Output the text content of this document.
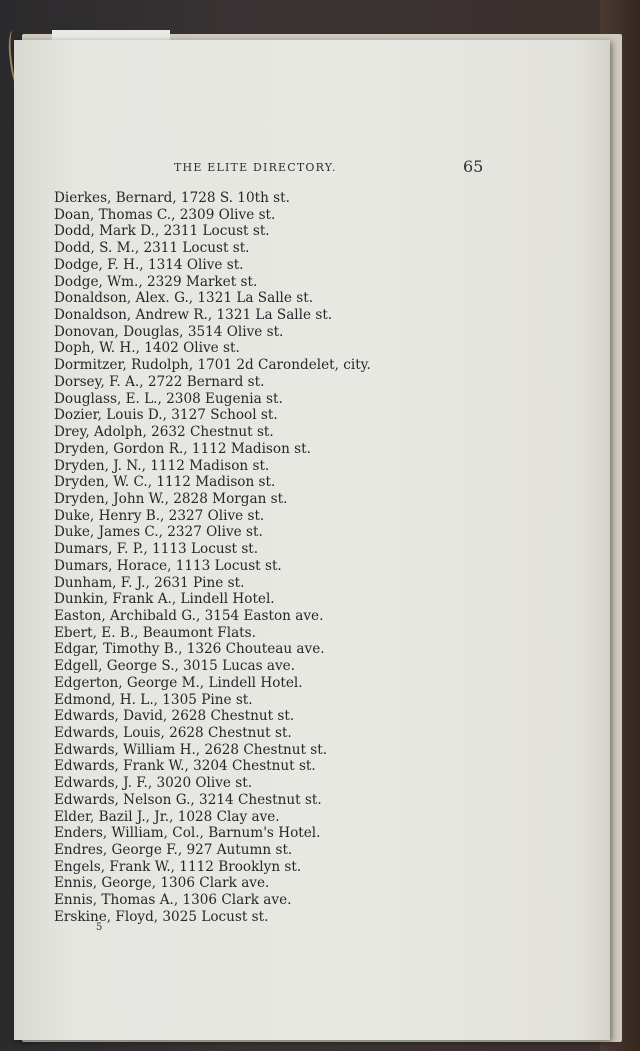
THE ELITE DIRECTORY.	65
Dierkes, Bernard, 1728 S. 10th st.
Doan, Thomas C., 2309 Olive st.
Dodd, Mark D., 2311 Locust st.
Dodd, S. M., 2311 Locust st.
Dodge, F. H., 1314 Olive st.
Dodge, Wm., 2329 Market st.
Donaldson, Alex. G., 1321 La Salle st.
Donaldson, Andrew R., 1321 La Salle st.
Donovan, Douglas, 3514 Olive st.
Doph, W. H., 1402 Olive st.
Dormitzer, Rudolph, 1701 2d Carondelet, city.
Dorsey, F. A., 2722 Bernard st.
Douglass, E. L., 2308 Eugenia st.
Dozier, Louis D., 3127 School st.
Drey, Adolph, 2632 Chestnut st.
Dryden, Gordon R., 1112 Madison st.
Dryden, J. N., 1112 Madison st.
Dryden, W. C., 1112 Madison st.
Dryden, John W., 2828 Morgan st.
Duke, Henry B., 2327 Olive st.
Duke, James C., 2327 Olive st.
Dumars, F. P., 1113 Locust st.
Dumars, Horace, 1113 Locust st.
Dunham, F. J., 2631 Pine st.
Dunkin, Frank A., Lindell Hotel.
Easton, Archibald G., 3154 Easton ave.
Ebert, E. B., Beaumont Flats.
Edgar, Timothy B., 1326 Chouteau ave.
Edgell, George S., 3015 Lucas ave.
Edgerton, George M., Lindell Hotel.
Edmond, H. L., 1305 Pine st.
Edwards, David, 2628 Chestnut st.
Edwards, Louis, 2628 Chestnut st.
Edwards, William H., 2628 Chestnut st.
Edwards, Frank W., 3204 Chestnut st.
Edwards, J. F., 3020 Olive st.
Edwards, Nelson G., 3214 Chestnut st.
Elder, Bazil J., Jr., 1028 Clay ave.
Enders, William, Col., Barnum's Hotel.
Endres, George F., 927 Autumn st.
Engels, Frank W., 1112 Brooklyn st.
Ennis, George, 1306 Clark ave.
Ennis, Thomas A., 1306 Clark ave.
Erskine, Floyd, 3025 Locust st.
5
